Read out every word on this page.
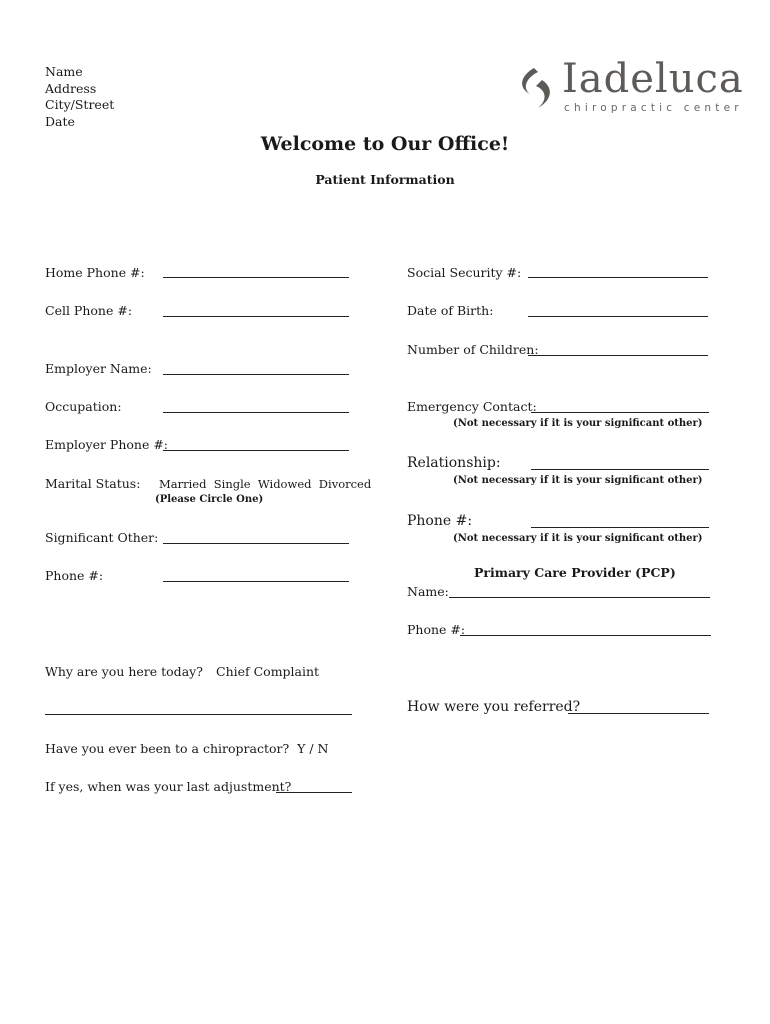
Name
Address
City/Street
Date
Iadeluca
chiropractic center
Welcome to Our Office!
Patient Information
Home Phone #:
Cell Phone #:
Employer Name:
Occupation:
Employer Phone #:
Marital Status: Married  Single  Widowed  Divorced
(Please Circle One)
Significant Other:
Phone #:
Social Security #:
Date of Birth:
Number of Children:
Emergency Contact:
(Not necessary if it is your significant other)
Relationship:
(Not necessary if it is your significant other)
Phone #:
(Not necessary if it is your significant other)
Primary Care Provider (PCP)
Name:
Phone #:
How were you referred?
Why are you here today? Chief Complaint
Have you ever been to a chiropractor?  Y / N
If yes, when was your last adjustment?
